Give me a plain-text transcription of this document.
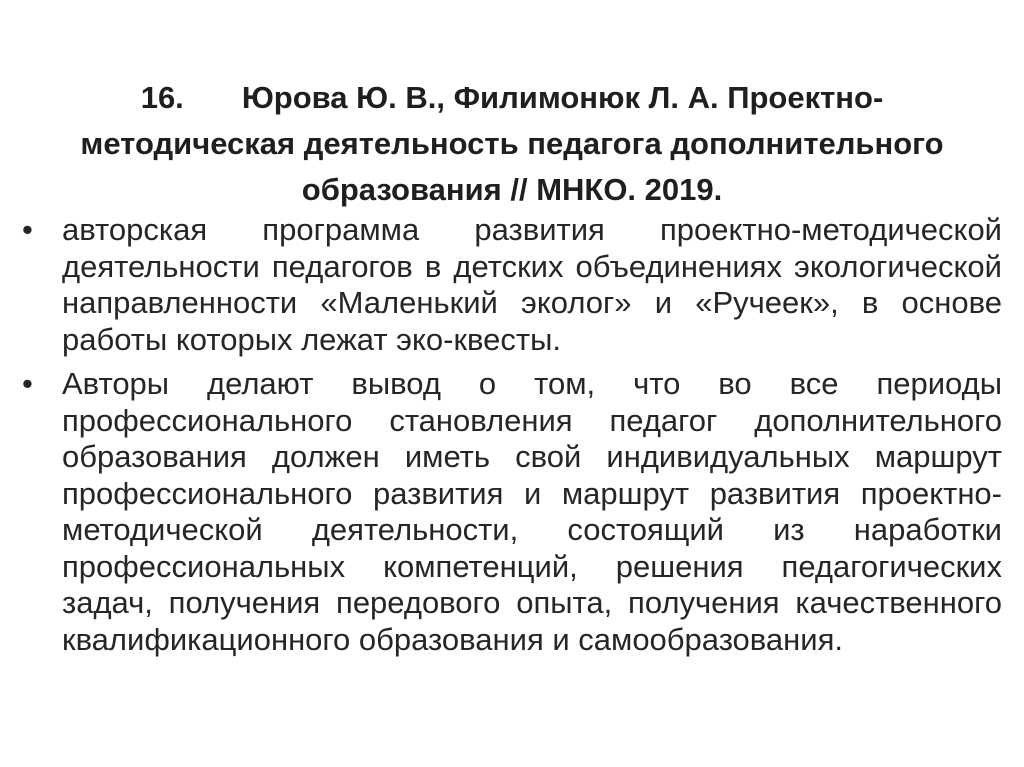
16. Юрова Ю. В., Филимонюк Л. А. Проектно-методическая деятельность педагога дополнительного образования // МНКО. 2019.
• авторская программа развития проектно-методической деятельности педагогов в детских объединениях экологической направленности «Маленький эколог» и «Ручеек», в основе работы которых лежат эко-квесты.
• Авторы делают вывод о том, что во все периоды профессионального становления педагог дополнительного образования должен иметь свой индивидуальных маршрут профессионального развития и маршрут развития проектно-методической деятельности, состоящий из наработки профессиональных компетенций, решения педагогических задач, получения передового опыта, получения качественного квалификационного образования и самообразования.
